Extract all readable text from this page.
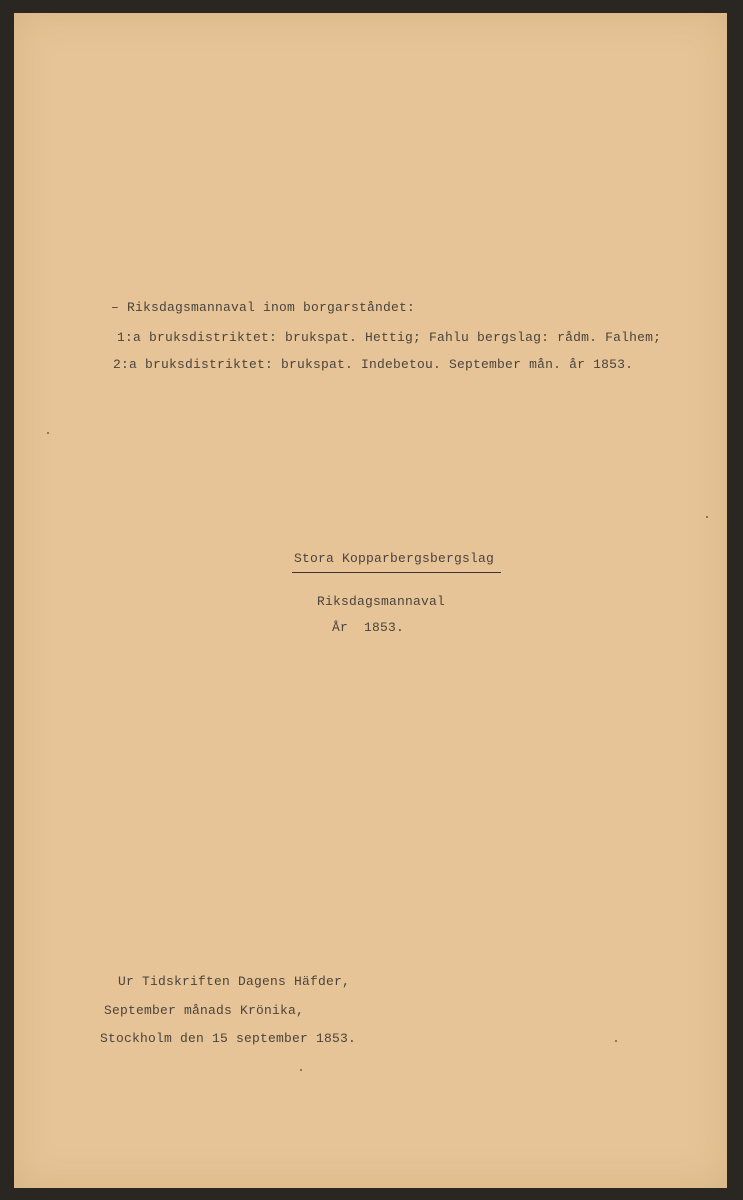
– Riksdagsmannaval inom borgarståndet:

1:a bruksdistriktet: brukspat. Hettig; Fahlu bergslag: rådm. Falhem;

2:a bruksdistriktet: brukspat. Indebetou. September mån. år 1853.

Stora Kopparbergsbergslag

Riksdagsmannaval

År  1853.

Ur Tidskriften Dagens Häfder,

September månads Krönika,

Stockholm den 15 september 1853.
